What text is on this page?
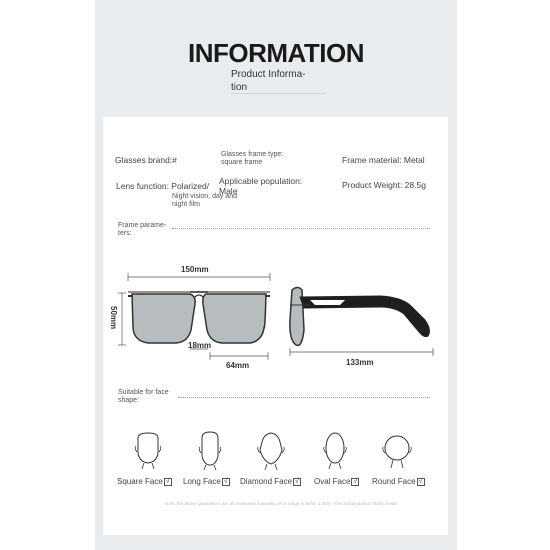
INFORMATION
Product Informa-
tion
Glasses brand:#
Glasses frame type:
square frame	Frame material: Metal
Lens function: Polarized/
Night vision, day and
night film
Applicable population:
Male
Product Weight: 28.5g
Frame parame-
ters:
150mm
50mm
18mm
64mm	133mm
Suitable for face
shape:
Square Face √ Long Face √ Diamond Face √ Oval Face √ Round Face √
Note: the above parameters are all measured manually, error range is within 1-3mm. The actual product shall prevail.
